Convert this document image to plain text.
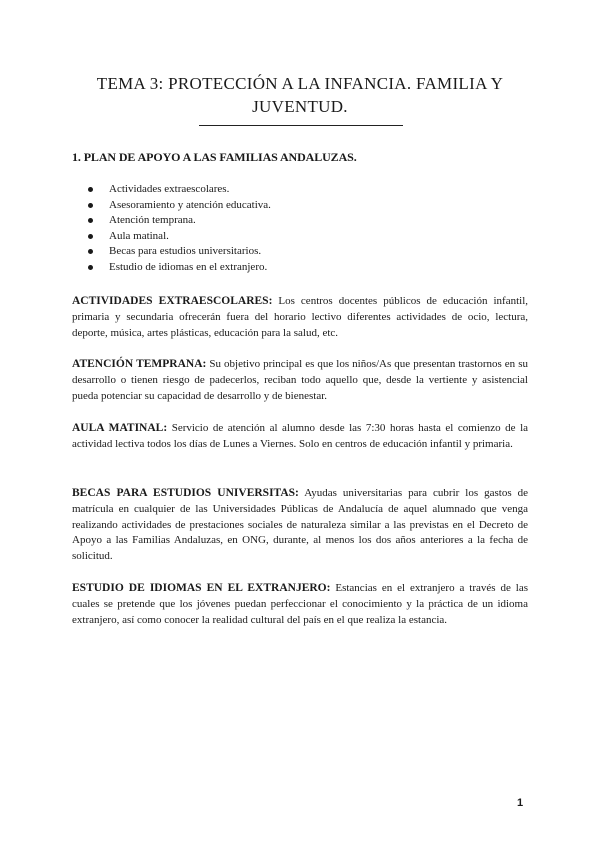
TEMA 3: PROTECCIÓN A LA INFANCIA. FAMILIA Y JUVENTUD.
1. PLAN DE APOYO A LAS FAMILIAS ANDALUZAS.
Actividades extraescolares.
Asesoramiento y atención educativa.
Atención temprana.
Aula matinal.
Becas para estudios universitarios.
Estudio de idiomas en el extranjero.

ACTIVIDADES EXTRAESCOLARES: Los centros docentes públicos de educación infantil, primaria y secundaria ofrecerán fuera del horario lectivo diferentes actividades de ocio, lectura, deporte, música, artes plásticas, educación para la salud, etc.

ATENCIÓN TEMPRANA: Su objetivo principal es que los niños/As que presentan trastornos en su desarrollo o tienen riesgo de padecerlos, reciban todo aquello que, desde la vertiente y asistencial pueda potenciar su capacidad de desarrollo y de bienestar.

AULA MATINAL: Servicio de atención al alumno desde las 7:30 horas hasta el comienzo de la actividad lectiva todos los días de Lunes a Viernes. Solo en centros de educación infantil y primaria.

BECAS PARA ESTUDIOS UNIVERSITAS: Ayudas universitarias para cubrir los gastos de matrícula en cualquier de las Universidades Públicas de Andalucía de aquel alumnado que venga realizando actividades de prestaciones sociales de naturaleza similar a las previstas en el Decreto de Apoyo a las Familias Andaluzas, en ONG, durante, al menos los dos años anteriores a la fecha de solicitud.

ESTUDIO DE IDIOMAS EN EL EXTRANJERO: Estancias en el extranjero a través de las cuales se pretende que los jóvenes puedan perfeccionar el conocimiento y la práctica de un idioma extranjero, así como conocer la realidad cultural del país en el que realiza la estancia.

1
